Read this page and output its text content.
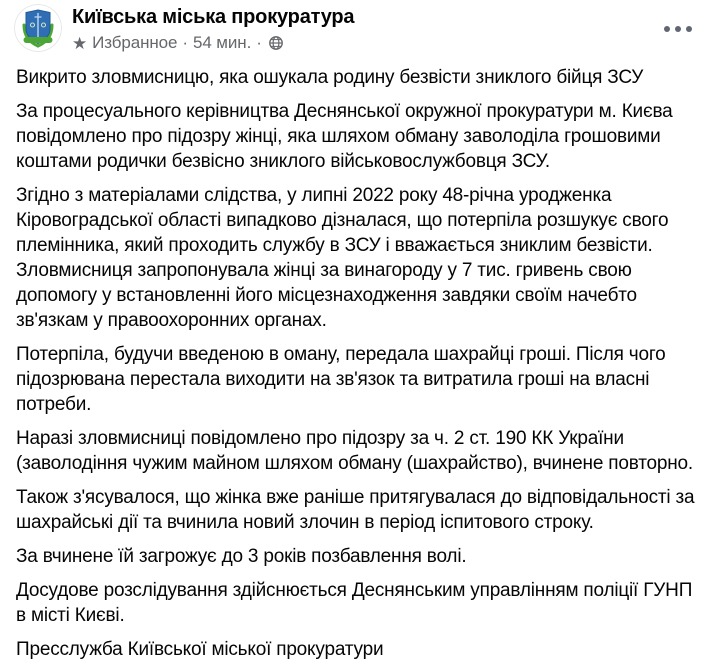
Київська міська прокуратура
★ Избранное · 54 мин. ·

Викрито зловмисницю, яка ошукала родину безвісти зниклого бійця ЗСУ

За процесуального керівництва Деснянської окружної прокуратури м. Києва повідомлено про підозру жінці, яка шляхом обману заволоділа грошовими коштами родички безвісно зниклого військовослужбовця ЗСУ.

Згідно з матеріалами слідства, у липні 2022 року 48-річна уродженка Кіровоградської області випадково дізналася, що потерпіла розшукує свого племінника, який проходить службу в ЗСУ і вважається зниклим безвісти. Зловмисниця запропонувала жінці за винагороду у 7 тис. гривень свою допомогу у встановленні його місцезнаходження завдяки своїм начебто зв'язкам у правоохоронних органах.

Потерпіла, будучи введеною в оману, передала шахрайці гроші. Після чого підозрювана перестала виходити на зв'язок та витратила гроші на власні потреби.

Наразі зловмисниці повідомлено про підозру за ч. 2 ст. 190 КК України (заволодіння чужим майном шляхом обману (шахрайство), вчинене повторно.

Також з'ясувалося, що жінка вже раніше притягувалася до відповідальності за шахрайські дії та вчинила новий злочин в період іспитового строку.

За вчинене їй загрожує до 3 років позбавлення волі.

Досудове розслідування здійснюється Деснянським управлінням поліції ГУНП в місті Києві.

Пресслужба Київської міської прокуратури
